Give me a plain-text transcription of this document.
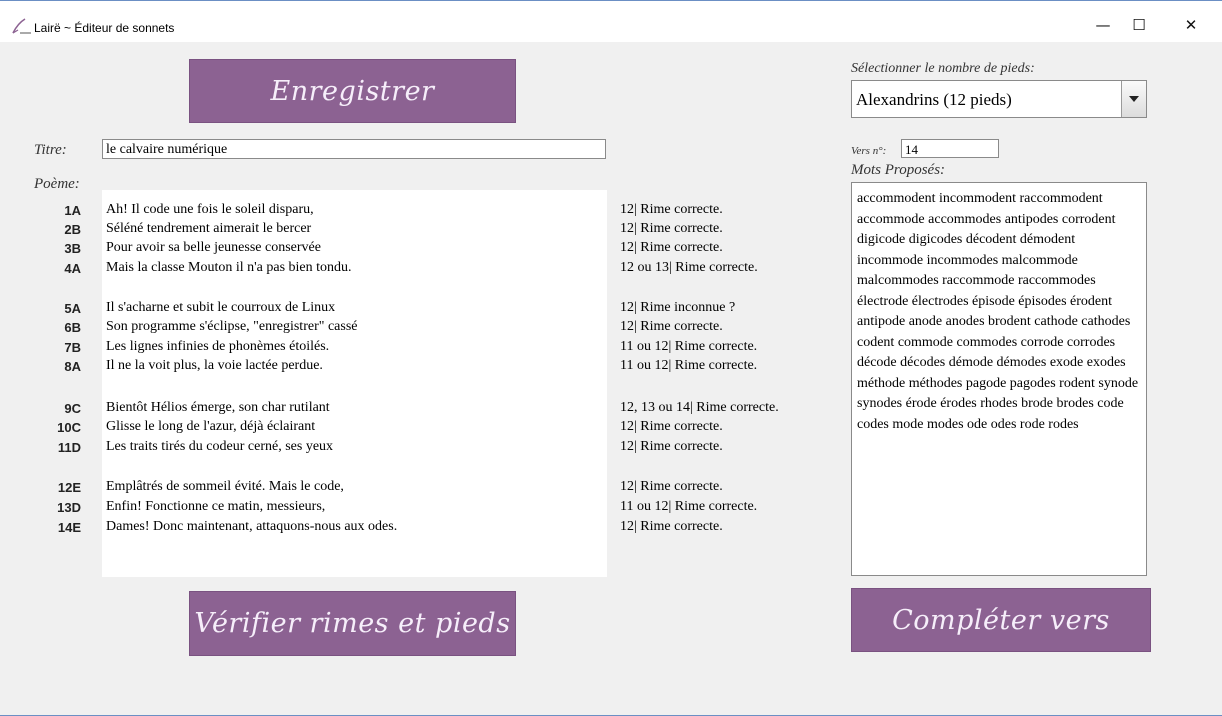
Lairë ~ Éditeur de sonnets	—	☐	✕
Enregistrer
Titre:	le calvaire numérique
Poème:
1A Ah! Il code une fois le soleil disparu,	12| Rime correcte.
2B Séléné tendrement aimerait le bercer	12| Rime correcte.
3B Pour avoir sa belle jeunesse conservée	12| Rime correcte.
4A Mais la classe Mouton il n'a pas bien tondu.	12 ou 13| Rime correcte.
5A Il s'acharne et subit le courroux de Linux	12| Rime inconnue ?
6B Son programme s'éclipse, "enregistrer" cassé	12| Rime correcte.
7B Les lignes infinies de phonèmes étoilés.	11 ou 12| Rime correcte.
8A Il ne la voit plus, la voie lactée perdue.	11 ou 12| Rime correcte.
9C Bientôt Hélios émerge, son char rutilant	12, 13 ou 14| Rime correcte.
10C Glisse le long de l'azur, déjà éclairant	12| Rime correcte.
11D Les traits tirés du codeur cerné, ses yeux	12| Rime correcte.
12E Emplâtrés de sommeil évité. Mais le code,	12| Rime correcte.
13D Enfin! Fonctionne ce matin, messieurs,	11 ou 12| Rime correcte.
14E Dames! Donc maintenant, attaquons-nous aux odes.	12| Rime correcte.
Vérifier rimes et pieds
Sélectionner le nombre de pieds:
Alexandrins (12 pieds)
Vers n°:	14
Mots Proposés:
accommodent incommodent raccommodent accommode accommodes antipodes corrodent digicode digicodes décodent démodent incommode incommodes malcommode malcommodes raccommode raccommodes électrode électrodes épisode épisodes érodent antipode anode anodes brodent cathode cathodes codent commode commodes corrode corrodes décode décodes démode démodes exode exodes méthode méthodes pagode pagodes rodent synode synodes érode érodes rhodes brode brodes code codes mode modes ode odes rode rodes
Compléter vers
